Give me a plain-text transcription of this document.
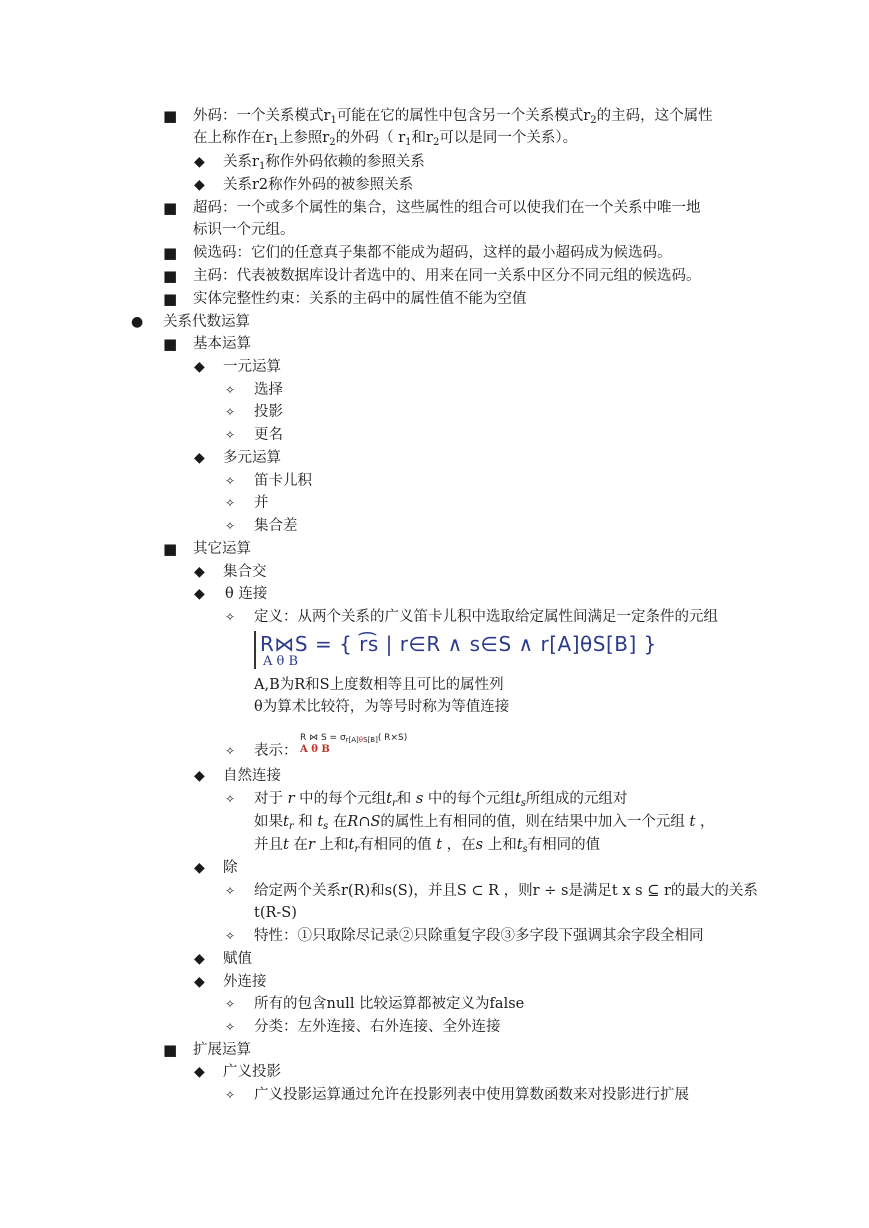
■ 外码：一个关系模式$r_1$可能在它的属性中包含另一个关系模式$r_2$的主码，这个属性
在上称作在$r_1$上参照$r_2$的外码（ $r_1$和$r_2$可以是同一个关系）。
◆ 关系$r_1$称作外码依赖的参照关系
◆ 关系r2称作外码的被参照关系
■ 超码：一个或多个属性的集合，这些属性的组合可以使我们在一个关系中唯一地
标识一个元组。
■ 候选码：它们的任意真子集都不能成为超码，这样的最小超码成为候选码。
■ 主码：代表被数据库设计者选中的、用来在同一关系中区分不同元组的候选码。
■ 实体完整性约束：关系的主码中的属性值不能为空值
● 关系代数运算
■ 基本运算
◆ 一元运算
✧ 选择
✧ 投影
✧ 更名
◆ 多元运算
✧ 笛卡儿积
✧ 并
✧ 集合差
■ 其它运算
◆ 集合交
◆ θ 连接
✧ 定义：从两个关系的广义笛卡儿积中选取给定属性间满足一定条件的元组
R⋈S = { r͡s | r∈R ∧ s∈S ∧ r[A]θS[B] }
A θ B
A,B为R和S上度数相等且可比的属性列
θ为算术比较符，为等号时称为等值连接
R ⋈ $S = \sigma_{r[A]\theta S[B]}$( R×S)
A θ B
✧ 表示：
◆ 自然连接
✧ 对于 r 中的每个元组$t_r$和 s 中的每个元组$t_s$所组成的元组对
如果$t_r$ 和 $t_s$ 在R∩S的属性上有相同的值，则在结果中加入一个元组 t ，
并且t 在r 上和$t_r$有相同的值 t ，在s 上和$t_s$有相同的值
◆ 除
✧ 给定两个关系r(R)和s(S)，并且S ⊂ R ，则r ÷ s是满足t x s ⊆ r的最大的关系
t(R-S)
✧ 特性：①只取除尽记录②只除重复字段③多字段下强调其余字段全相同
◆ 赋值
◆ 外连接
✧ 所有的包含null 比较运算都被定义为false
✧ 分类：左外连接、右外连接、全外连接
■ 扩展运算
◆ 广义投影
✧ 广义投影运算通过允许在投影列表中使用算数函数来对投影进行扩展
